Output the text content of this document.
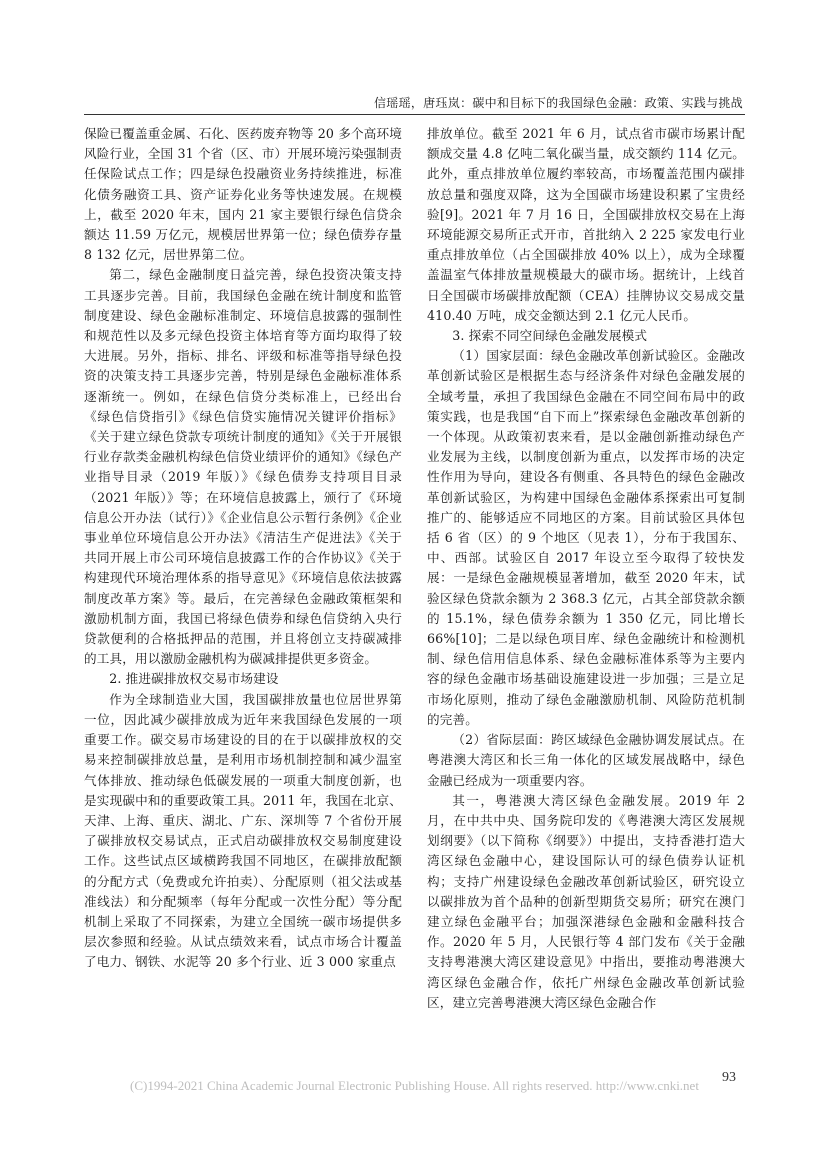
信瑶瑶，唐珏岚：碳中和目标下的我国绿色金融：政策、实践与挑战

保险已覆盖重金属、石化、医药废弃物等 20 多个高环境风险行业，全国 31 个省（区、市）开展环境污染强制责任保险试点工作；四是绿色投融资业务持续推进，标准化债务融资工具、资产证券化业务等快速发展。在规模上，截至 2020 年末，国内 21 家主要银行绿色信贷余额达 11.59 万亿元，规模居世界第一位；绿色债券存量 8 132 亿元，居世界第二位。

第二，绿色金融制度日益完善，绿色投资决策支持工具逐步完善。目前，我国绿色金融在统计制度和监管制度建设、绿色金融标准制定、环境信息披露的强制性和规范性以及多元绿色投资主体培育等方面均取得了较大进展。另外，指标、排名、评级和标准等指导绿色投资的决策支持工具逐步完善，特别是绿色金融标准体系逐渐统一。例如，在绿色信贷分类标准上，已经出台《绿色信贷指引》《绿色信贷实施情况关键评价指标》《关于建立绿色贷款专项统计制度的通知》《关于开展银行业存款类金融机构绿色信贷业绩评价的通知》《绿色产业指导目录（2019 年版）》《绿色债券支持项目目录（2021 年版）》等；在环境信息披露上，颁行了《环境信息公开办法（试行）》《企业信息公示暂行条例》《企业事业单位环境信息公开办法》《清洁生产促进法》《关于共同开展上市公司环境信息披露工作的合作协议》《关于构建现代环境治理体系的指导意见》《环境信息依法披露制度改革方案》等。最后，在完善绿色金融政策框架和激励机制方面，我国已将绿色债券和绿色信贷纳入央行贷款便利的合格抵押品的范围，并且将创立支持碳减排的工具，用以激励金融机构为碳减排提供更多资金。

2. 推进碳排放权交易市场建设

作为全球制造业大国，我国碳排放量也位居世界第一位，因此减少碳排放成为近年来我国绿色发展的一项重要工作。碳交易市场建设的目的在于以碳排放权的交易来控制碳排放总量，是利用市场机制控制和减少温室气体排放、推动绿色低碳发展的一项重大制度创新，也是实现碳中和的重要政策工具。2011 年，我国在北京、天津、上海、重庆、湖北、广东、深圳等 7 个省份开展了碳排放权交易试点，正式启动碳排放权交易制度建设工作。这些试点区域横跨我国不同地区，在碳排放配额的分配方式（免费或允许拍卖）、分配原则（祖父法或基准线法）和分配频率（每年分配或一次性分配）等分配机制上采取了不同探索，为建立全国统一碳市场提供多层次参照和经验。从试点绩效来看，试点市场合计覆盖了电力、钢铁、水泥等 20 多个行业、近 3 000 家重点

排放单位。截至 2021 年 6 月，试点省市碳市场累计配额成交量 4.8 亿吨二氧化碳当量，成交额约 114 亿元。此外，重点排放单位履约率较高，市场覆盖范围内碳排放总量和强度双降，这为全国碳市场建设积累了宝贵经验[9]。2021 年 7 月 16 日，全国碳排放权交易在上海环境能源交易所正式开市，首批纳入 2 225 家发电行业重点排放单位（占全国碳排放 40% 以上），成为全球覆盖温室气体排放量规模最大的碳市场。据统计，上线首日全国碳市场碳排放配额（CEA）挂牌协议交易成交量 410.40 万吨，成交金额达到 2.1 亿元人民币。

3. 探索不同空间绿色金融发展模式

（1）国家层面：绿色金融改革创新试验区。金融改革创新试验区是根据生态与经济条件对绿色金融发展的全域考量，承担了我国绿色金融在不同空间布局中的政策实践，也是我国“自下而上”探索绿色金融改革创新的一个体现。从政策初衷来看，是以金融创新推动绿色产业发展为主线，以制度创新为重点，以发挥市场的决定性作用为导向，建设各有侧重、各具特色的绿色金融改革创新试验区，为构建中国绿色金融体系探索出可复制推广的、能够适应不同地区的方案。目前试验区具体包括 6 省（区）的 9 个地区（见表 1），分布于我国东、中、西部。试验区自 2017 年设立至今取得了较快发展：一是绿色金融规模显著增加，截至 2020 年末，试验区绿色贷款余额为 2 368.3 亿元，占其全部贷款余额的 15.1%，绿色债券余额为 1 350 亿元，同比增长 66%[10]；二是以绿色项目库、绿色金融统计和检测机制、绿色信用信息体系、绿色金融标准体系等为主要内容的绿色金融市场基础设施建设进一步加强；三是立足市场化原则，推动了绿色金融激励机制、风险防范机制的完善。

（2）省际层面：跨区域绿色金融协调发展试点。在粤港澳大湾区和长三角一体化的区域发展战略中，绿色金融已经成为一项重要内容。

其一，粤港澳大湾区绿色金融发展。2019 年 2 月，在中共中央、国务院印发的《粤港澳大湾区发展规划纲要》（以下简称《纲要》）中提出，支持香港打造大湾区绿色金融中心，建设国际认可的绿色债券认证机构；支持广州建设绿色金融改革创新试验区，研究设立以碳排放为首个品种的创新型期货交易所；研究在澳门建立绿色金融平台；加强深港绿色金融和金融科技合作。2020 年 5 月，人民银行等 4 部门发布《关于金融支持粤港澳大湾区建设意见》中指出，要推动粤港澳大湾区绿色金融合作，依托广州绿色金融改革创新试验区，建立完善粤港澳大湾区绿色金融合作

93
(C)1994-2021 China Academic Journal Electronic Publishing House. All rights reserved. http://www.cnki.net
